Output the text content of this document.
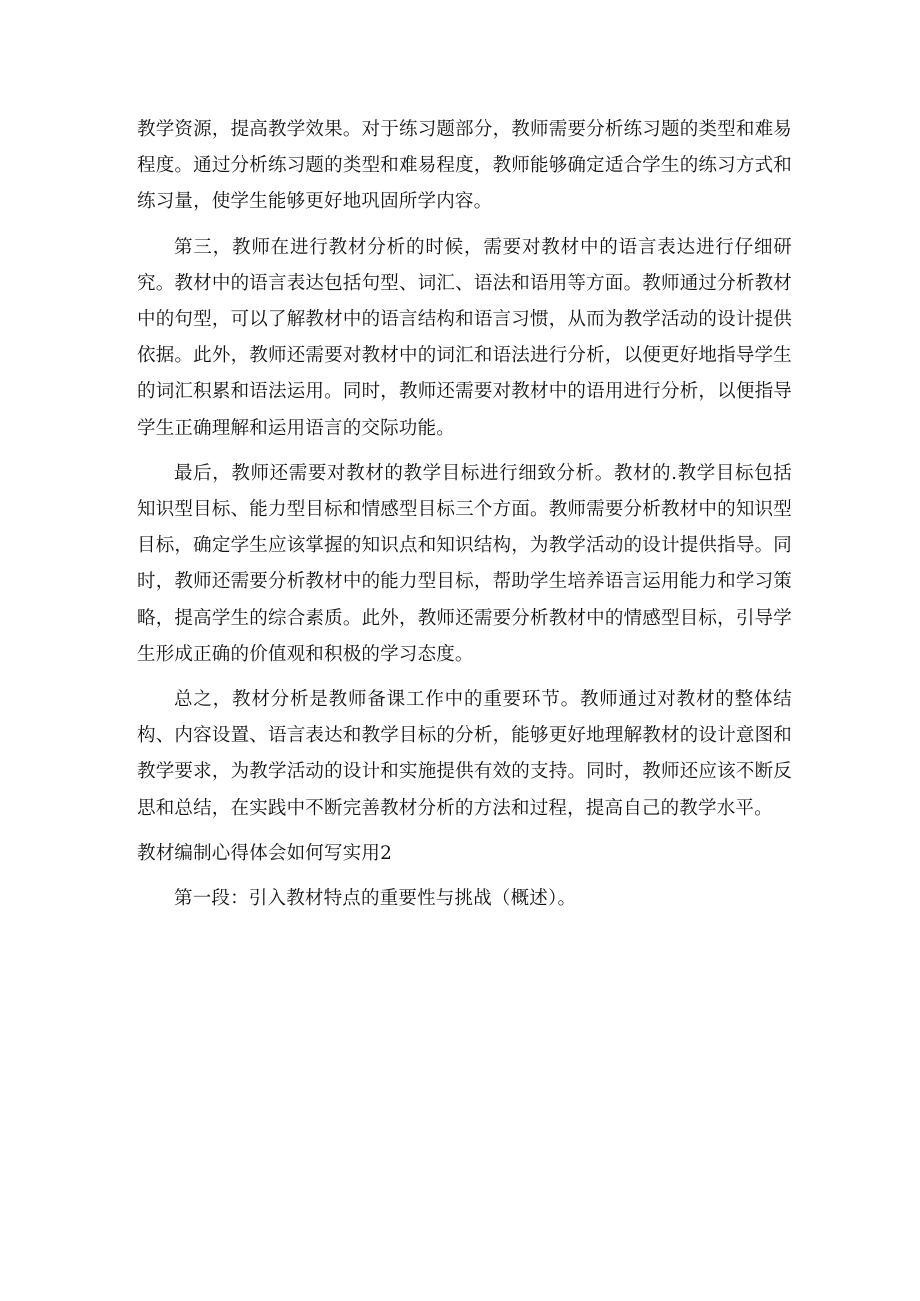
教学资源，提高教学效果。对于练习题部分，教师需要分析练习题的类型和难易程度。通过分析练习题的类型和难易程度，教师能够确定适合学生的练习方式和练习量，使学生能够更好地巩固所学内容。

第三，教师在进行教材分析的时候，需要对教材中的语言表达进行仔细研究。教材中的语言表达包括句型、词汇、语法和语用等方面。教师通过分析教材中的句型，可以了解教材中的语言结构和语言习惯，从而为教学活动的设计提供依据。此外，教师还需要对教材中的词汇和语法进行分析，以便更好地指导学生的词汇积累和语法运用。同时，教师还需要对教材中的语用进行分析，以便指导学生正确理解和运用语言的交际功能。

最后，教师还需要对教材的教学目标进行细致分析。教材的.教学目标包括知识型目标、能力型目标和情感型目标三个方面。教师需要分析教材中的知识型目标，确定学生应该掌握的知识点和知识结构，为教学活动的设计提供指导。同时，教师还需要分析教材中的能力型目标，帮助学生培养语言运用能力和学习策略，提高学生的综合素质。此外，教师还需要分析教材中的情感型目标，引导学生形成正确的价值观和积极的学习态度。

总之，教材分析是教师备课工作中的重要环节。教师通过对教材的整体结构、内容设置、语言表达和教学目标的分析，能够更好地理解教材的设计意图和教学要求，为教学活动的设计和实施提供有效的支持。同时，教师还应该不断反思和总结，在实践中不断完善教材分析的方法和过程，提高自己的教学水平。

教材编制心得体会如何写实用2

第一段：引入教材特点的重要性与挑战（概述）。
